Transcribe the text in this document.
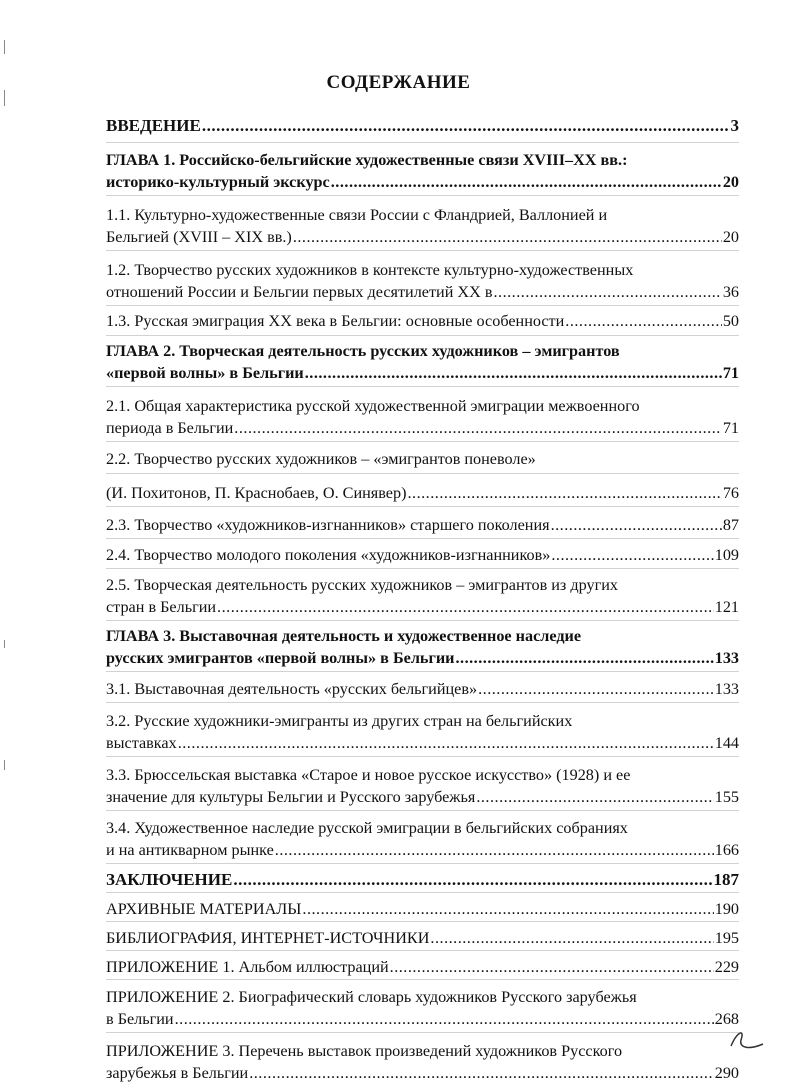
СОДЕРЖАНИЕ
ВВЕДЕНИЕ .....	3
ГЛАВА 1. Российско-бельгийские художественные связи XVIII–XX вв.:
историко-культурный экскурс .....	20
1.1. Культурно-художественные связи России с Фландрией, Валлонией и
Бельгией (XVIII – XIX вв.) .....	20
1.2. Творчество русских художников в контексте культурно-художественных
отношений России и Бельгии первых десятилетий XX в .....	36
1.3. Русская эмиграция XX века в Бельгии: основные особенности .....	50
ГЛАВА 2. Творческая деятельность русских художников – эмигрантов
«первой волны» в Бельгии .....	71
2.1. Общая характеристика русской художественной эмиграции межвоенного
периода в Бельгии .....	71
2.2. Творчество русских художников – «эмигрантов поневоле»
(И. Похитонов, П. Краснобаев, О. Синявер) .....	76
2.3. Творчество «художников-изгнанников» старшего поколения .....	87
2.4. Творчество молодого поколения «художников-изгнанников» .....	109
2.5. Творческая деятельность русских художников – эмигрантов из других
стран в Бельгии .....	121
ГЛАВА 3. Выставочная деятельность и художественное наследие
русских эмигрантов «первой волны» в Бельгии .....	133
3.1. Выставочная деятельность «русских бельгийцев» .....	133
3.2. Русские художники-эмигранты из других стран на бельгийских
выставках .....	144
3.3. Брюссельская выставка «Старое и новое русское искусство» (1928) и ее
значение для культуры Бельгии и Русского зарубежья .....	155
3.4. Художественное наследие русской эмиграции в бельгийских собраниях
и на антикварном рынке .....	166
ЗАКЛЮЧЕНИЕ .....	187
АРХИВНЫЕ МАТЕРИАЛЫ .....	190
БИБЛИОГРАФИЯ, ИНТЕРНЕТ-ИСТОЧНИКИ .....	195
ПРИЛОЖЕНИЕ 1. Альбом иллюстраций .....	229
ПРИЛОЖЕНИЕ 2. Биографический словарь художников Русского зарубежья
в Бельгии .....	268
ПРИЛОЖЕНИЕ 3. Перечень выставок произведений художников Русского
зарубежья в Бельгии .....	290
